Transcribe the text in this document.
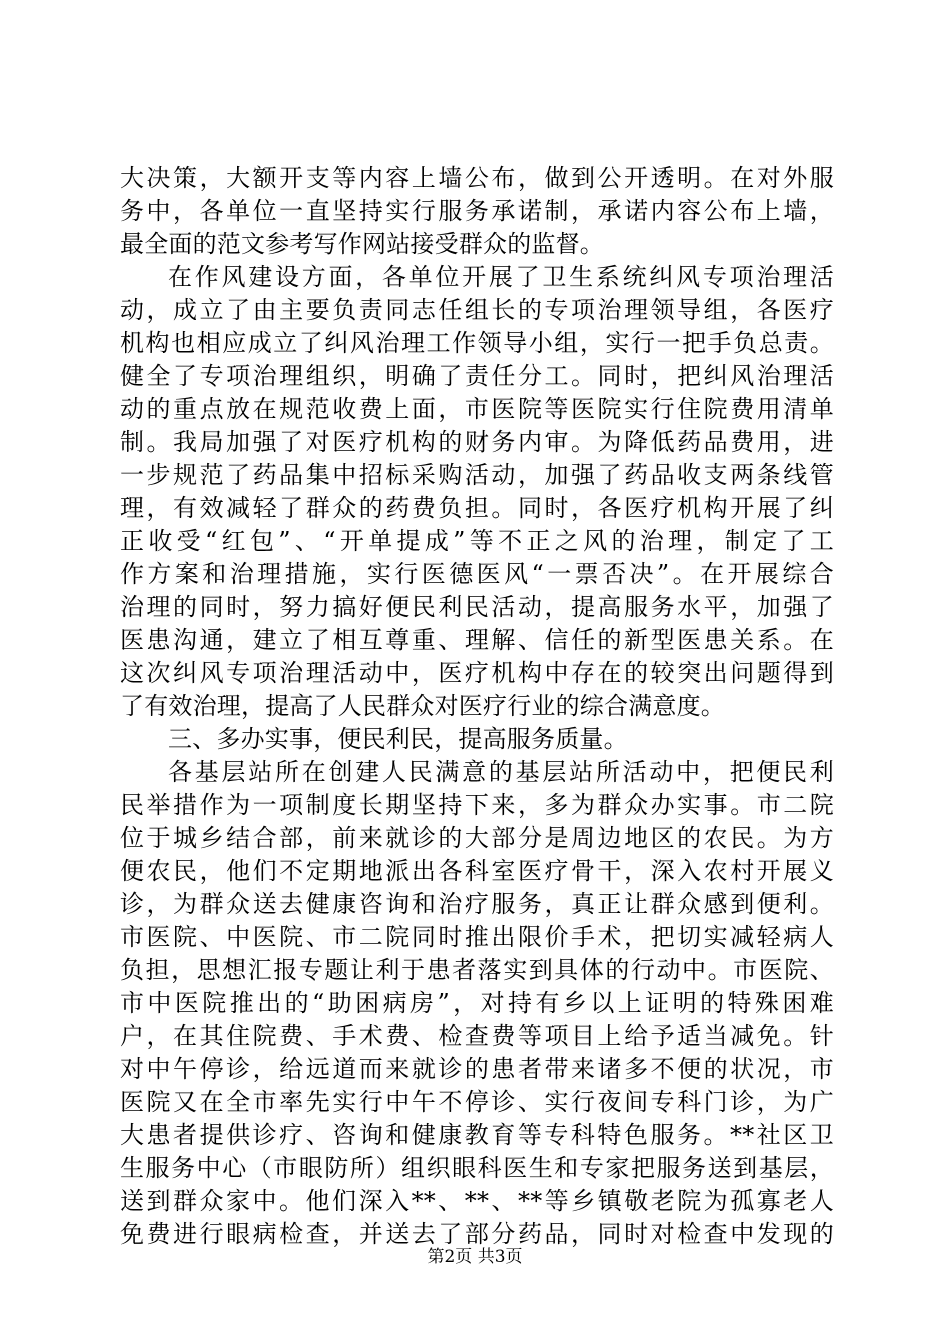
大决策，大额开支等内容上墙公布，做到公开透明。在对外服
务中，各单位一直坚持实行服务承诺制，承诺内容公布上墙，
最全面的范文参考写作网站接受群众的监督。
在作风建设方面，各单位开展了卫生系统纠风专项治理活
动，成立了由主要负责同志任组长的专项治理领导组，各医疗
机构也相应成立了纠风治理工作领导小组，实行一把手负总责。
健全了专项治理组织，明确了责任分工。同时，把纠风治理活
动的重点放在规范收费上面，市医院等医院实行住院费用清单
制。我局加强了对医疗机构的财务内审。为降低药品费用，进
一步规范了药品集中招标采购活动，加强了药品收支两条线管
理，有效减轻了群众的药费负担。同时，各医疗机构开展了纠
正收受“红包”、“开单提成”等不正之风的治理，制定了工
作方案和治理措施，实行医德医风“一票否决”。在开展综合
治理的同时，努力搞好便民利民活动，提高服务水平，加强了
医患沟通，建立了相互尊重、理解、信任的新型医患关系。在
这次纠风专项治理活动中，医疗机构中存在的较突出问题得到
了有效治理，提高了人民群众对医疗行业的综合满意度。
三、多办实事，便民利民，提高服务质量。
各基层站所在创建人民满意的基层站所活动中，把便民利
民举措作为一项制度长期坚持下来，多为群众办实事。市二院
位于城乡结合部，前来就诊的大部分是周边地区的农民。为方
便农民，他们不定期地派出各科室医疗骨干，深入农村开展义
诊，为群众送去健康咨询和治疗服务，真正让群众感到便利。
市医院、中医院、市二院同时推出限价手术，把切实减轻病人
负担，思想汇报专题让利于患者落实到具体的行动中。市医院、
市中医院推出的“助困病房”，对持有乡以上证明的特殊困难
户，在其住院费、手术费、检查费等项目上给予适当减免。针
对中午停诊，给远道而来就诊的患者带来诸多不便的状况，市
医院又在全市率先实行中午不停诊、实行夜间专科门诊，为广
大患者提供诊疗、咨询和健康教育等专科特色服务。**社区卫
生服务中心（市眼防所）组织眼科医生和专家把服务送到基层，
送到群众家中。他们深入**、**、**等乡镇敬老院为孤寡老人
免费进行眼病检查，并送去了部分药品，同时对检查中发现的
第2页 共3页
